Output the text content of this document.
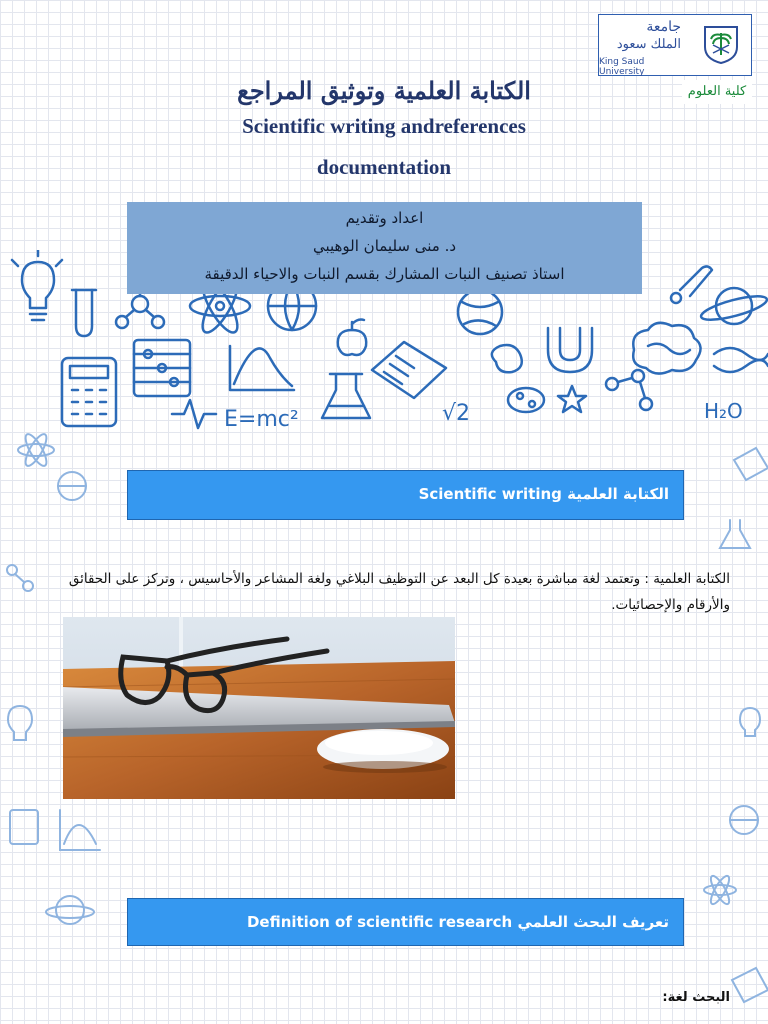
جامعة
الملك سعود
King Saud University
كلية العلوم
الكتابة العلمية وتوثيق المراجع
Scientific writing andreferences
documentation
E=mc²	√2	H₂O
اعداد وتقديم
د. منى سليمان الوهيبي
استاذ تصنيف النبات المشارك بقسم النبات والاحياء الدقيقة
الكتابة العلمية Scientific writing
الكتابة العلمية : وتعتمد لغة مباشرة بعيدة كل البعد عن التوظيف البلاغي ولغة المشاعر والأحاسيس ، وتركز على الحقائق والأرقام والإحصائيات.
تعريف البحث العلمي Definition of scientific research
البحث لغة:
